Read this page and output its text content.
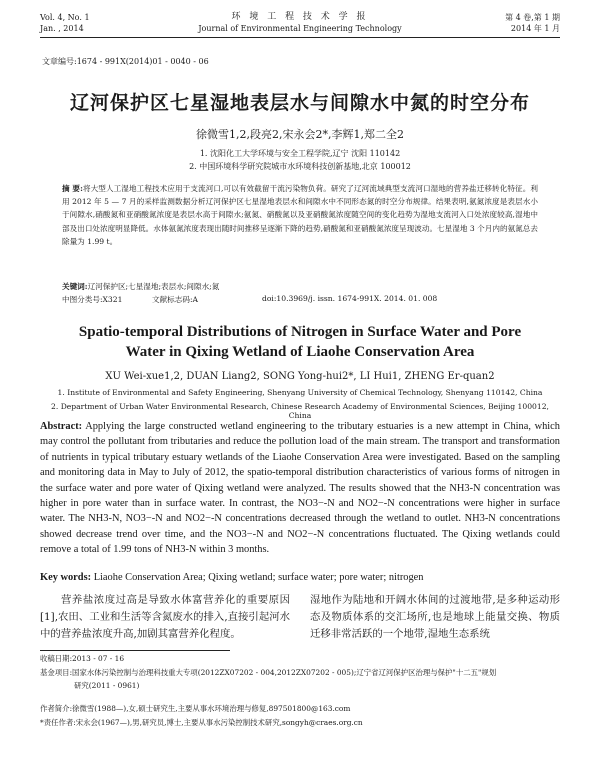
Vol. 4, No. 1
Jan. , 2014
环 境 工 程 技 术 学 报
Journal of Environmental Engineering Technology
第 4 卷,第 1 期
2014 年 1 月
文章编号:1674 - 991X(2014)01 - 0040 - 06
辽河保护区七星湿地表层水与间隙水中氮的时空分布
徐微雪1,2,段亮2,宋永会2*,李辉1,郑二全2
1. 沈阳化工大学环境与安全工程学院,辽宁 沈阳 110142
2. 中国环境科学研究院城市水环境科技创新基地,北京 100012
摘 要:将大型人工湿地工程技术应用于支流河口,可以有效截留干流污染物负荷。研究了辽河流域典型支流河口湿地的营养盐迁移转化特征。利用 2012 年 5 — 7 月的采样监测数据分析辽河保护区七星湿地表层水和间隙水中不同形态氮的时空分布规律。结果表明,氨氮浓度是表层水小于间隙水,硝酸氮和亚硝酸氮浓度是表层水高于间隙水;氨氮、硝酸氮以及亚硝酸氮浓度随空间的变化趋势为湿地支流河入口处浓度较高,湿地中部及出口处浓度明显降低。水体氨氮浓度表现出随时间推移呈逐渐下降的趋势,硝酸氮和亚硝酸氮浓度呈现波动。七星湿地 3 个月内的氨氮总去除量为 1.99 t。
关键词:辽河保护区;七星湿地;表层水;间隙水;氮
中图分类号:X321	文献标志码:A	doi:10.3969/j. issn. 1674-991X. 2014. 01. 008
Spatio-temporal Distributions of Nitrogen in Surface Water and Pore
Water in Qixing Wetland of Liaohe Conservation Area
XU Wei-xue1,2, DUAN Liang2, SONG Yong-hui2*, LI Hui1, ZHENG Er-quan2
1. Institute of Environmental and Safety Engineering, Shenyang University of Chemical Technology, Shenyang 110142, China
2. Department of Urban Water Environmental Research, Chinese Research Academy of Environmental Sciences, Beijing 100012, China
Abstract: Applying the large constructed wetland engineering to the tributary estuaries is a new attempt in China, which may control the pollutant from tributaries and reduce the pollution load of the main stream. The transport and transformation of nutrients in typical tributary estuary wetlands of the Liaohe Conservation Area were investigated. Based on the sampling and monitoring data in May to July of 2012, the spatio-temporal distribution characteristics of various forms of nitrogen in the surface water and pore water of Qixing wetland were analyzed. The results showed that the NH3-N concentration was higher in pore water than in surface water. In contrast, the NO3−-N and NO2−-N concentrations were higher in surface water. The NH3-N, NO3−-N and NO2−-N concentrations decreased through the wetland to outlet. NH3-N concentrations showed decrease trend over time, and the NO3−-N and NO2−-N concentrations fluctuated. The Qixing wetlands could remove a total of 1.99 tons of NH3-N within 3 months.
Key words: Liaohe Conservation Area; Qixing wetland; surface water; pore water; nitrogen
营养盐浓度过高是导致水体富营养化的重要原因[1],农田、工业和生活等含氮废水的排入,直接引起河水中的营养盐浓度升高,加剧其富营养化程度。
湿地作为陆地和开阔水体间的过渡地带,是多种运动形态及物质体系的交汇场所,也是地球上能量交换、物质迁移非常活跃的一个地带,湿地生态系统
收稿日期:2013 - 07 - 16
基金项目:国家水体污染控制与治理科技重大专项(2012ZX07202 - 004,2012ZX07202 - 005);辽宁省辽河保护区治理与保护"十二五"规划
研究(2011 - 0961)
作者简介:徐微雪(1988—),女,硕士研究生,主要从事水环境治理与修复,897501800@163.com
*责任作者:宋永会(1967—),男,研究员,博士,主要从事水污染控制技术研究,songyh@craes.org.cn
